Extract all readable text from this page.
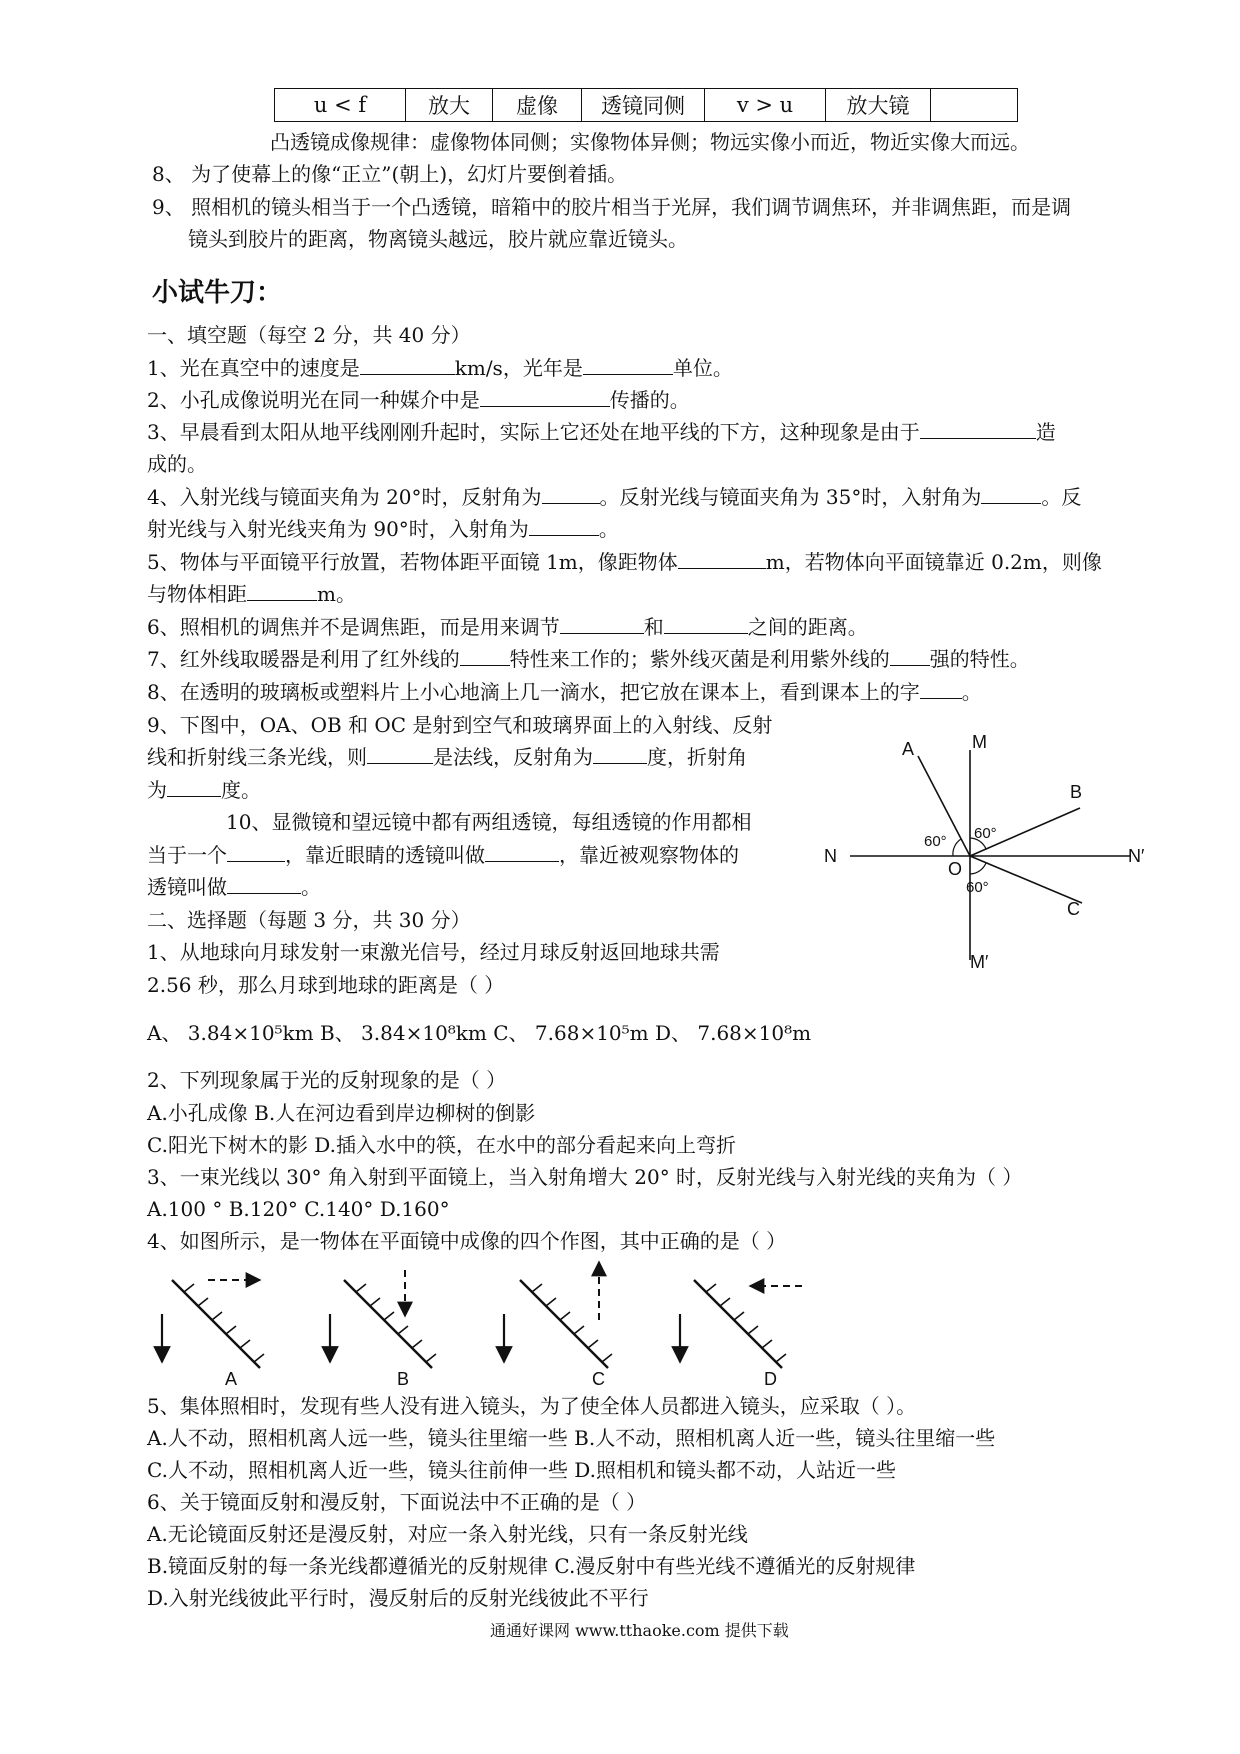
u < f	放大	虚像	透镜同侧	v > u	放大镜	
凸透镜成像规律：虚像物体同侧；实像物体异侧；物远实像小而近，物近实像大而远。
8、 为了使幕上的像“正立”(朝上)，幻灯片要倒着插。
9、 照相机的镜头相当于一个凸透镜，暗箱中的胶片相当于光屏，我们调节调焦环，并非调焦距，而是调
镜头到胶片的距离，物离镜头越远，胶片就应靠近镜头。
小试牛刀：
一、填空题（每空 2 分，共 40 分）
1、光在真空中的速度是	km/s，光年是	单位。
2、小孔成像说明光在同一种媒介中是	传播的。
3、早晨看到太阳从地平线刚刚升起时，实际上它还处在地平线的下方，这种现象是由于	造
成的。
4、入射光线与镜面夹角为 20°时，反射角为	。反射光线与镜面夹角为 35°时，入射角为	。反
射光线与入射光线夹角为 90°时，入射角为	。
5、物体与平面镜平行放置，若物体距平面镜 1m，像距物体	m，若物体向平面镜靠近 0.2m，则像
与物体相距	m。
6、照相机的调焦并不是调焦距，而是用来调节	和	之间的距离。
7、红外线取暖器是利用了红外线的	特性来工作的；紫外线灭菌是利用紫外线的 强的特性。
8、在透明的玻璃板或塑料片上小心地滴上几一滴水，把它放在课本上，看到课本上的字 。
9、下图中，OA、OB 和 OC 是射到空气和玻璃界面上的入射线、反射
线和折射线三条光线，则	是法线，反射角为	度，折射角
为	度。
10、显微镜和望远镜中都有两组透镜，每组透镜的作用都相
当于一个	，靠近眼睛的透镜叫做	，靠近被观察物体的
透镜叫做	。
A	M
B
N
O
N′
C
M′
60° 60°
60°
二、选择题（每题 3 分，共 30 分）
1、从地球向月球发射一束激光信号，经过月球反射返回地球共需
2.56 秒，那么月球到地球的距离是（ ）
A、 3.84×10⁵km B、 3.84×10⁸km C、 7.68×10⁵m D、 7.68×10⁸m
2、下列现象属于光的反射现象的是（ ）
A.小孔成像 B.人在河边看到岸边柳树的倒影
C.阳光下树木的影 D.插入水中的筷，在水中的部分看起来向上弯折
3、一束光线以 30° 角入射到平面镜上，当入射角增大 20° 时，反射光线与入射光线的夹角为（ ）
A.100 ° B.120° C.140° D.160°
4、如图所示，是一物体在平面镜中成像的四个作图，其中正确的是（ ）
A	B	C	D
5、集体照相时，发现有些人没有进入镜头，为了使全体人员都进入镜头，应采取（ ）。
A.人不动，照相机离人远一些，镜头往里缩一些 B.人不动，照相机离人近一些，镜头往里缩一些
C.人不动，照相机离人近一些，镜头往前伸一些 D.照相机和镜头都不动，人站近一些
6、关于镜面反射和漫反射，下面说法中不正确的是（ ）
A.无论镜面反射还是漫反射，对应一条入射光线，只有一条反射光线
B.镜面反射的每一条光线都遵循光的反射规律 C.漫反射中有些光线不遵循光的反射规律
D.入射光线彼此平行时，漫反射后的反射光线彼此不平行
通通好课网 www.tthaoke.com 提供下载
